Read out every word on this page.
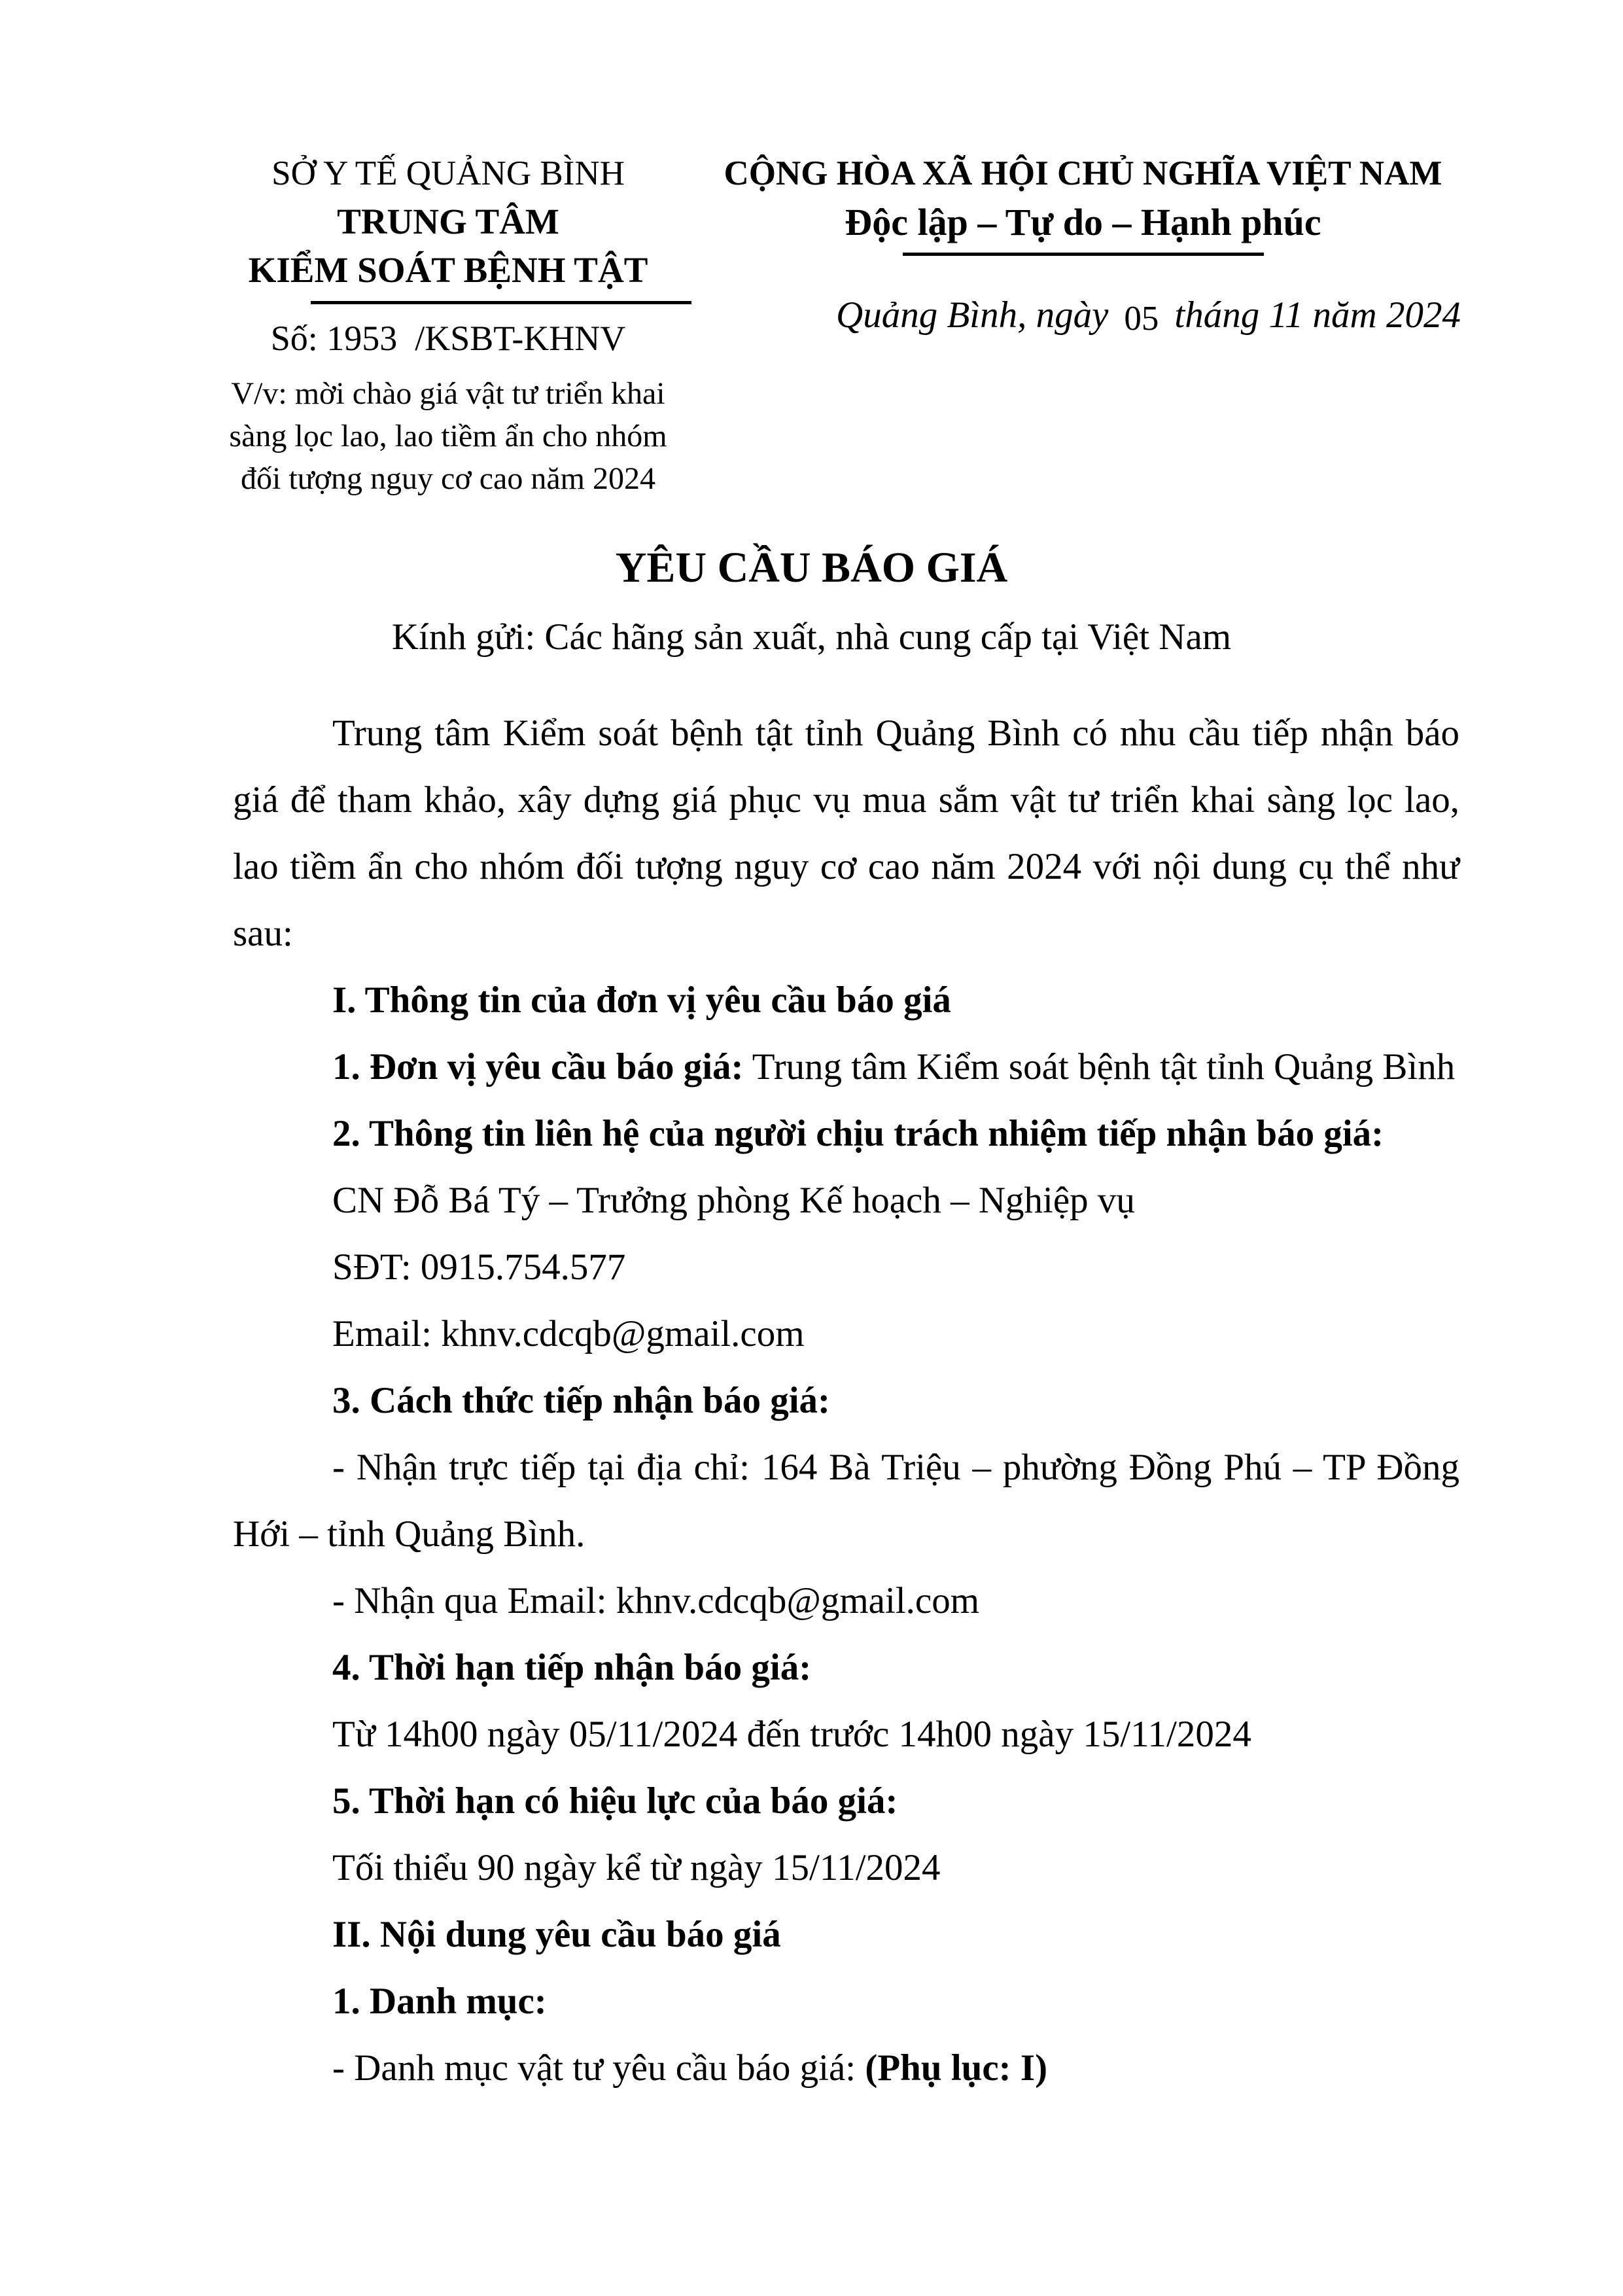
SỞ Y TẾ QUẢNG BÌNH
TRUNG TÂM
KIỂM SOÁT BỆNH TẬT
Số: 1953  /KSBT-KHNV
V/v: mời chào giá vật tư triển khai sàng lọc lao, lao tiềm ẩn cho nhóm đối tượng nguy cơ cao năm 2024
CỘNG HÒA XÃ HỘI CHỦ NGHĨA VIỆT NAM
Độc lập – Tự do – Hạnh phúc
Quảng Bình, ngày 05 tháng 11 năm 2024
YÊU CẦU BÁO GIÁ
Kính gửi: Các hãng sản xuất, nhà cung cấp tại Việt Nam

Trung tâm Kiểm soát bệnh tật tỉnh Quảng Bình có nhu cầu tiếp nhận báo giá để tham khảo, xây dựng giá phục vụ mua sắm vật tư triển khai sàng lọc lao, lao tiềm ẩn cho nhóm đối tượng nguy cơ cao năm 2024 với nội dung cụ thể như sau:

I. Thông tin của đơn vị yêu cầu báo giá

1. Đơn vị yêu cầu báo giá: Trung tâm Kiểm soát bệnh tật tỉnh Quảng Bình

2. Thông tin liên hệ của người chịu trách nhiệm tiếp nhận báo giá:

CN Đỗ Bá Tý – Trưởng phòng Kế hoạch – Nghiệp vụ

SĐT: 0915.754.577

Email: khnv.cdcqb@gmail.com

3. Cách thức tiếp nhận báo giá:

- Nhận trực tiếp tại địa chỉ: 164 Bà Triệu – phường Đồng Phú – TP Đồng Hới – tỉnh Quảng Bình.

- Nhận qua Email: khnv.cdcqb@gmail.com

4. Thời hạn tiếp nhận báo giá:

Từ 14h00 ngày 05/11/2024 đến trước 14h00 ngày 15/11/2024

5. Thời hạn có hiệu lực của báo giá:

Tối thiểu 90 ngày kể từ ngày 15/11/2024

II. Nội dung yêu cầu báo giá

1. Danh mục:

- Danh mục vật tư yêu cầu báo giá: (Phụ lục: I)
